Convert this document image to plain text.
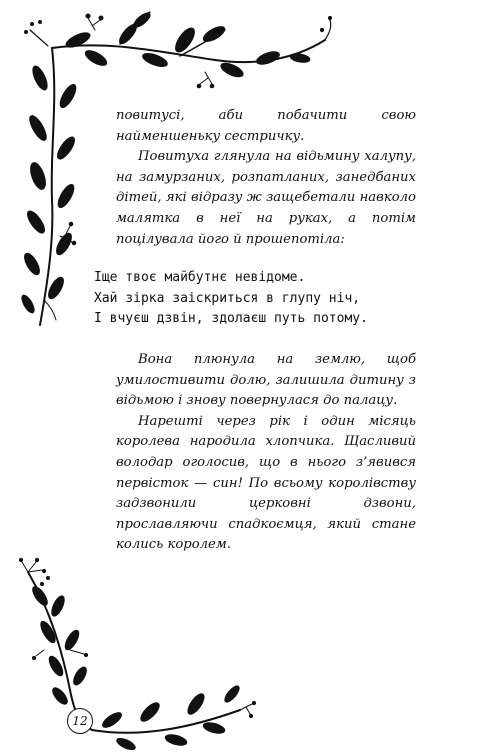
повитусі, аби побачити свою найменшеньку сестричку.

Повитуха глянула на відьмину халупу, на замурзаних, розпатланих, занедбаних дітей, які відразу ж защебетали навколо малятка в неї на руках, а потім поцілувала його й прошепотіла:

Іще твоє майбутнє невідоме.
Хай зірка заіскриться в глупу ніч,
І вчуєш дзвін, здолаєш путь потому.

Вона плюнула на землю, щоб умилостивити долю, залишила дитину з відьмою і знову повернулася до палацу.

Нарешті через рік і один місяць королева народила хлопчика. Щасливий володар оголосив, що в нього з’явився первісток — син! По всьому королівству задзвонили церковні дзвони, прославляючи спадкоємця, який стане колись королем.

12
